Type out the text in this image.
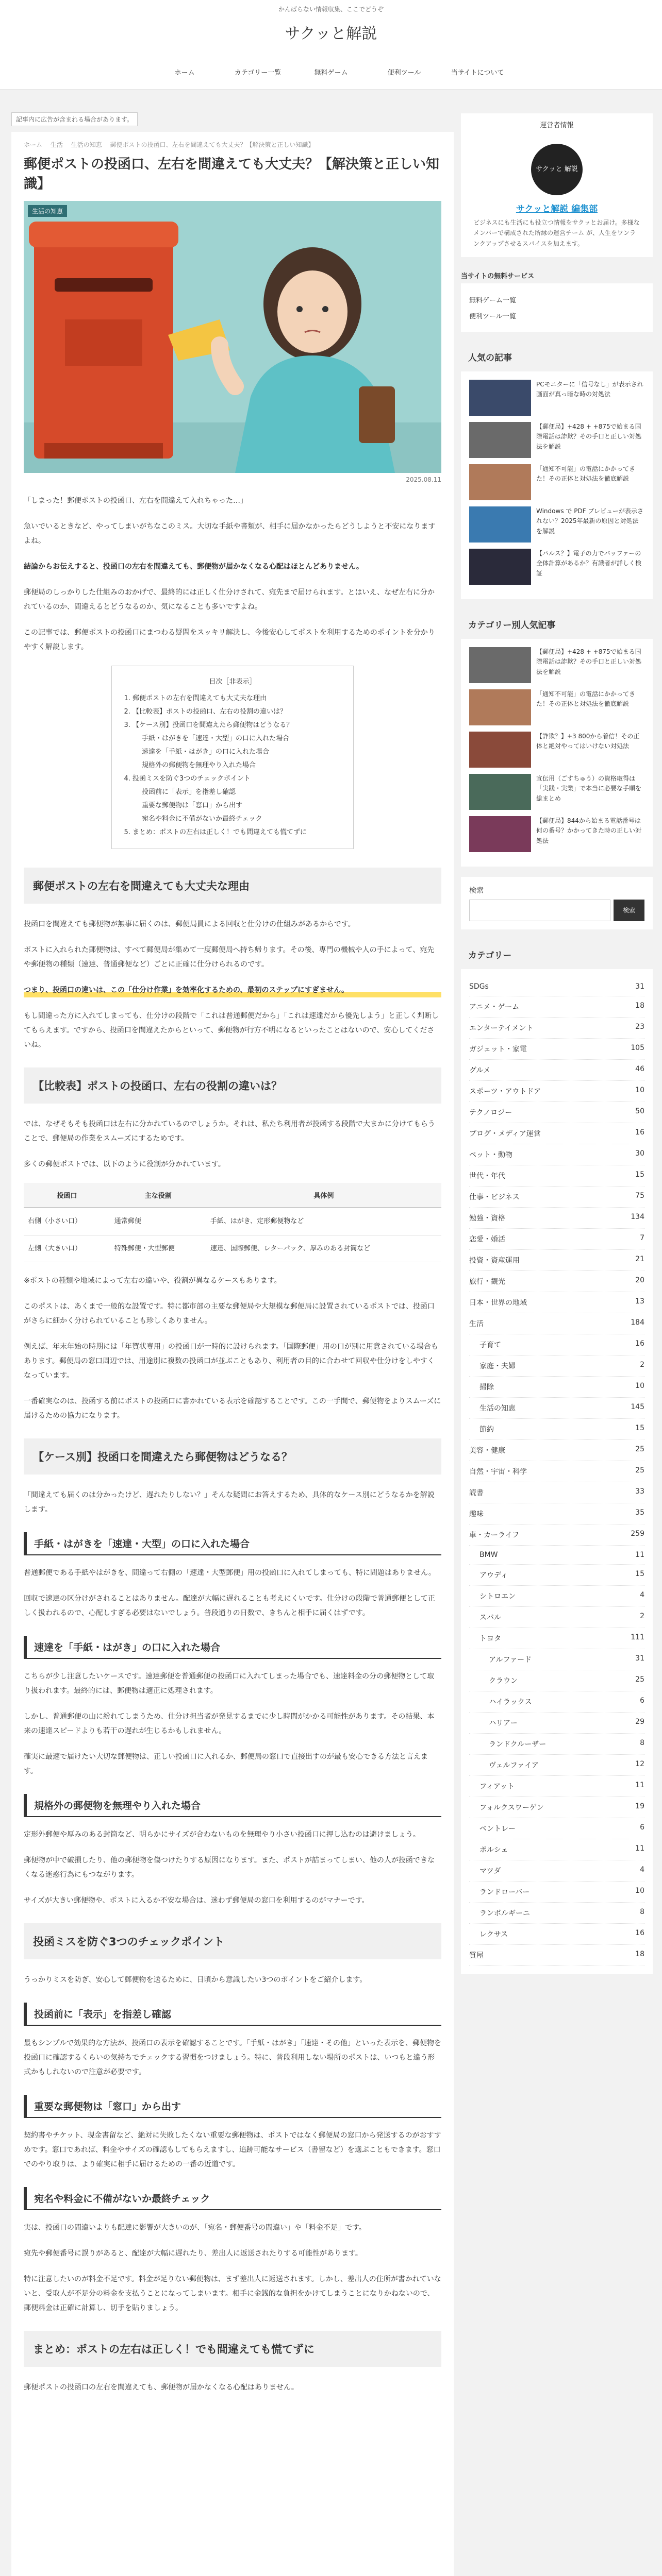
かんばらない情報収集、ここでどうぞ
サクッと解説
ホーム	カテゴリー一覧	無料ゲーム	便利ツール	当サイトについて
記事内に広告が含まれる場合があります。
ホーム 生活 生活の知恵 郵便ポストの投函口、左右を間違えても大丈夫？【解決策と正しい知識】
郵便ポストの投函口、左右を間違えても大丈夫？【解決策と正しい知識】
生活の知恵
2025.08.11

「しまった！郵便ポストの投函口、左右を間違えて入れちゃった…」

急いでいるときなど、やってしまいがちなこのミス。大切な手紙や書類が、相手に届かなかったらどうしようと不安になりますよね。

結論からお伝えすると、投函口の左右を間違えても、郵便物が届かなくなる心配はほとんどありません。

郵便局のしっかりした仕組みのおかげで、最終的には正しく仕分けされて、宛先まで届けられます。とはいえ、なぜ左右に分かれているのか、間違えるとどうなるのか、気になることも多いですよね。

この記事では、郵便ポストの投函口にまつわる疑問をスッキリ解決し、今後安心してポストを利用するためのポイントを分かりやすく解説します。

目次［非表示］
1. 郵便ポストの左右を間違えても大丈夫な理由
2. 【比較表】ポストの投函口、左右の役割の違いは？
3. 【ケース別】投函口を間違えたら郵便物はどうなる？
手紙・はがきを「速達・大型」の口に入れた場合
速達を「手紙・はがき」の口に入れた場合
規格外の郵便物を無理やり入れた場合
4. 投函ミスを防ぐ3つのチェックポイント
投函前に「表示」を指差し確認
重要な郵便物は「窓口」から出す
宛名や料金に不備がないか最終チェック
5. まとめ：ポストの左右は正しく！でも間違えても慌てずに
郵便ポストの左右を間違えても大丈夫な理由

投函口を間違えても郵便物が無事に届くのは、郵便局員による回収と仕分けの仕組みがあるからです。

ポストに入れられた郵便物は、すべて郵便局が集めて一度郵便局へ持ち帰ります。その後、専門の機械や人の手によって、宛先や郵便物の種類（速達、普通郵便など）ごとに正確に仕分けられるのです。

つまり、投函口の違いは、この「仕分け作業」を効率化するための、最初のステップにすぎません。

もし間違った方に入れてしまっても、仕分けの段階で「これは普通郵便だから」「これは速達だから優先しよう」と正しく判断してもらえます。ですから、投函口を間違えたからといって、郵便物が行方不明になるといったことはないので、安心してくださいね。

【比較表】ポストの投函口、左右の役割の違いは？

では、なぜそもそも投函口は左右に分かれているのでしょうか。それは、私たち利用者が投函する段階で大まかに分けてもらうことで、郵便局の作業をスムーズにするためです。

多くの郵便ポストでは、以下のように役割が分かれています。

投函口	主な役割	具体例
右側（小さい口）	通常郵便	手紙、はがき、定形郵便物など
左側（大きい口）	特殊郵便・大型郵便	速達、国際郵便、レターパック、厚みのある封筒など

※ポストの種類や地域によって左右の違いや、役割が異なるケースもあります。

このポストは、あくまで一般的な設置です。特に都市部の主要な郵便局や大規模な郵便局に設置されているポストでは、投函口がさらに細かく分けられていることも珍しくありません。

例えば、年末年始の時期には「年賀状専用」の投函口が一時的に設けられます。「国際郵便」用の口が別に用意されている場合もあります。郵便局の窓口周辺では、用途別に複数の投函口が並ぶこともあり、利用者の目的に合わせて回収や仕分けをしやすくなっています。

一番確実なのは、投函する前にポストの投函口に書かれている表示を確認することです。この一手間で、郵便物をよりスムーズに届けるための協力になります。

【ケース別】投函口を間違えたら郵便物はどうなる？

「間違えても届くのは分かったけど、遅れたりしない？」そんな疑問にお答えするため、具体的なケース別にどうなるかを解説します。

手紙・はがきを「速達・大型」の口に入れた場合

普通郵便である手紙やはがきを、間違って右側の「速達・大型郵便」用の投函口に入れてしまっても、特に問題はありません。

回収で速達の区分けがされることはありません。配達が大幅に遅れることも考えにくいです。仕分けの段階で普通郵便として正しく扱われるので、心配しすぎる必要はないでしょう。普段通りの日数で、きちんと相手に届くはずです。

速達を「手紙・はがき」の口に入れた場合

こちらが少し注意したいケースです。速達郵便を普通郵便の投函口に入れてしまった場合でも、速達料金の分の郵便物として取り扱われます。最終的には、郵便物は適正に処理されます。

しかし、普通郵便の山に紛れてしまうため、仕分け担当者が発見するまでに少し時間がかかる可能性があります。その結果、本来の速達スピードよりも若干の遅れが生じるかもしれません。

確実に最速で届けたい大切な郵便物は、正しい投函口に入れるか、郵便局の窓口で直接出すのが最も安心できる方法と言えます。

規格外の郵便物を無理やり入れた場合

定形外郵便や厚みのある封筒など、明らかにサイズが合わないものを無理やり小さい投函口に押し込むのは避けましょう。

郵便物が中で破損したり、他の郵便物を傷つけたりする原因になります。また、ポストが詰まってしまい、他の人が投函できなくなる迷惑行為にもつながります。

サイズが大きい郵便物や、ポストに入るか不安な場合は、迷わず郵便局の窓口を利用するのがマナーです。

投函ミスを防ぐ3つのチェックポイント

うっかりミスを防ぎ、安心して郵便物を送るために、日頃から意識したい3つのポイントをご紹介します。

投函前に「表示」を指差し確認

最もシンプルで効果的な方法が、投函口の表示を確認することです。「手紙・はがき」「速達・その他」といった表示を、郵便物を投函口に確認するくらいの気持ちでチェックする習慣をつけましょう。特に、普段利用しない場所のポストは、いつもと違う形式かもしれないので注意が必要です。

重要な郵便物は「窓口」から出す

契約書やチケット、現金書留など、絶対に失敗したくない重要な郵便物は、ポストではなく郵便局の窓口から発送するのがおすすめです。窓口であれば、料金やサイズの確認もしてもらえますし、追跡可能なサービス（書留など）を選ぶこともできます。窓口でのやり取りは、より確実に相手に届けるための一番の近道です。

宛名や料金に不備がないか最終チェック

実は、投函口の間違いよりも配達に影響が大きいのが、「宛名・郵便番号の間違い」や「料金不足」です。

宛先や郵便番号に誤りがあると、配達が大幅に遅れたり、差出人に返送されたりする可能性があります。

特に注意したいのが料金不足です。料金が足りない郵便物は、まず差出人に返送されます。しかし、差出人の住所が書かれていないと、受取人が不足分の料金を支払うことになってしまいます。相手に金銭的な負担をかけてしまうことになりかねないので、郵便料金は正確に計算し、切手を貼りましょう。

まとめ：ポストの左右は正しく！でも間違えても慌てずに

郵便ポストの投函口の左右を間違えても、郵便物が届かなくなる心配はありません。

運営者情報
サクッと 解説
サクッと解説 編集部
ビジネスにも生活にも役立つ情報をサクッとお届け。多様なメンバーで構成された所縁の運営チーム が、人生をワンランクアップさせるスパイスを加えます。
当サイトの無料サービス
無料ゲーム一覧
便利ツール一覧
人気の記事
PCモニターに「信号なし」が表示され画面が真っ暗な時の対処法
【郵便局】+428 + +875で始まる国際電話は詐欺？その手口と正しい対処法を解説
「通知不可能」の電話にかかってきた！その正体と対処法を徹底解説
Windows で PDF プレビューが表示されない？2025年最新の原因と対処法を解説
【パルス？】電子の力でバッファーの全体計算があるか？有識者が詳しく検証
カテゴリー別人気記事
【郵便局】+428 + +875で始まる国際電話は詐欺？その手口と正しい対処法を解説
「通知不可能」の電話にかかってきた！その正体と対処法を徹底解説
【詐欺？】+3 800から着信！その正体と絶対やってはいけない対処法
宣伝用（ごすちゅう）の資格取得は「実践・実業」で本当に必要な手順を総まとめ
【郵便局】844から始まる電話番号は何の番号？かかってきた時の正しい対処法
検索
検索
カテゴリー
SDGs	31
アニメ・ゲーム	18
エンターテイメント	23
ガジェット・家電	105
グルメ	46
スポーツ・アウトドア	10
テクノロジー	50
ブログ・メディア運営	16
ペット・動物	30
世代・年代	15
仕事・ビジネス	75
勉強・資格	134
恋愛・婚活	7
投資・資産運用	21
旅行・観光	20
日本・世界の地域	13
生活	184
子育て	16
家庭・夫婦	2
掃除	10
生活の知恵	145
節約	15
美容・健康	25
自然・宇宙・科学	25
読書	33
趣味	35
車・カーライフ	259
BMW	11
アウディ	15
シトロエン	4
スバル	2
トヨタ	111
アルファード	31
クラウン	25
ハイラックス	6
ハリアー	29
ランドクルーザー	8
ヴェルファイア	12
フィアット	11
フォルクスワーゲン	19
ベントレー	6
ポルシェ	11
マツダ	4
ランドローバー	10
ランボルギーニ	8
レクサス	16
質屋	18
